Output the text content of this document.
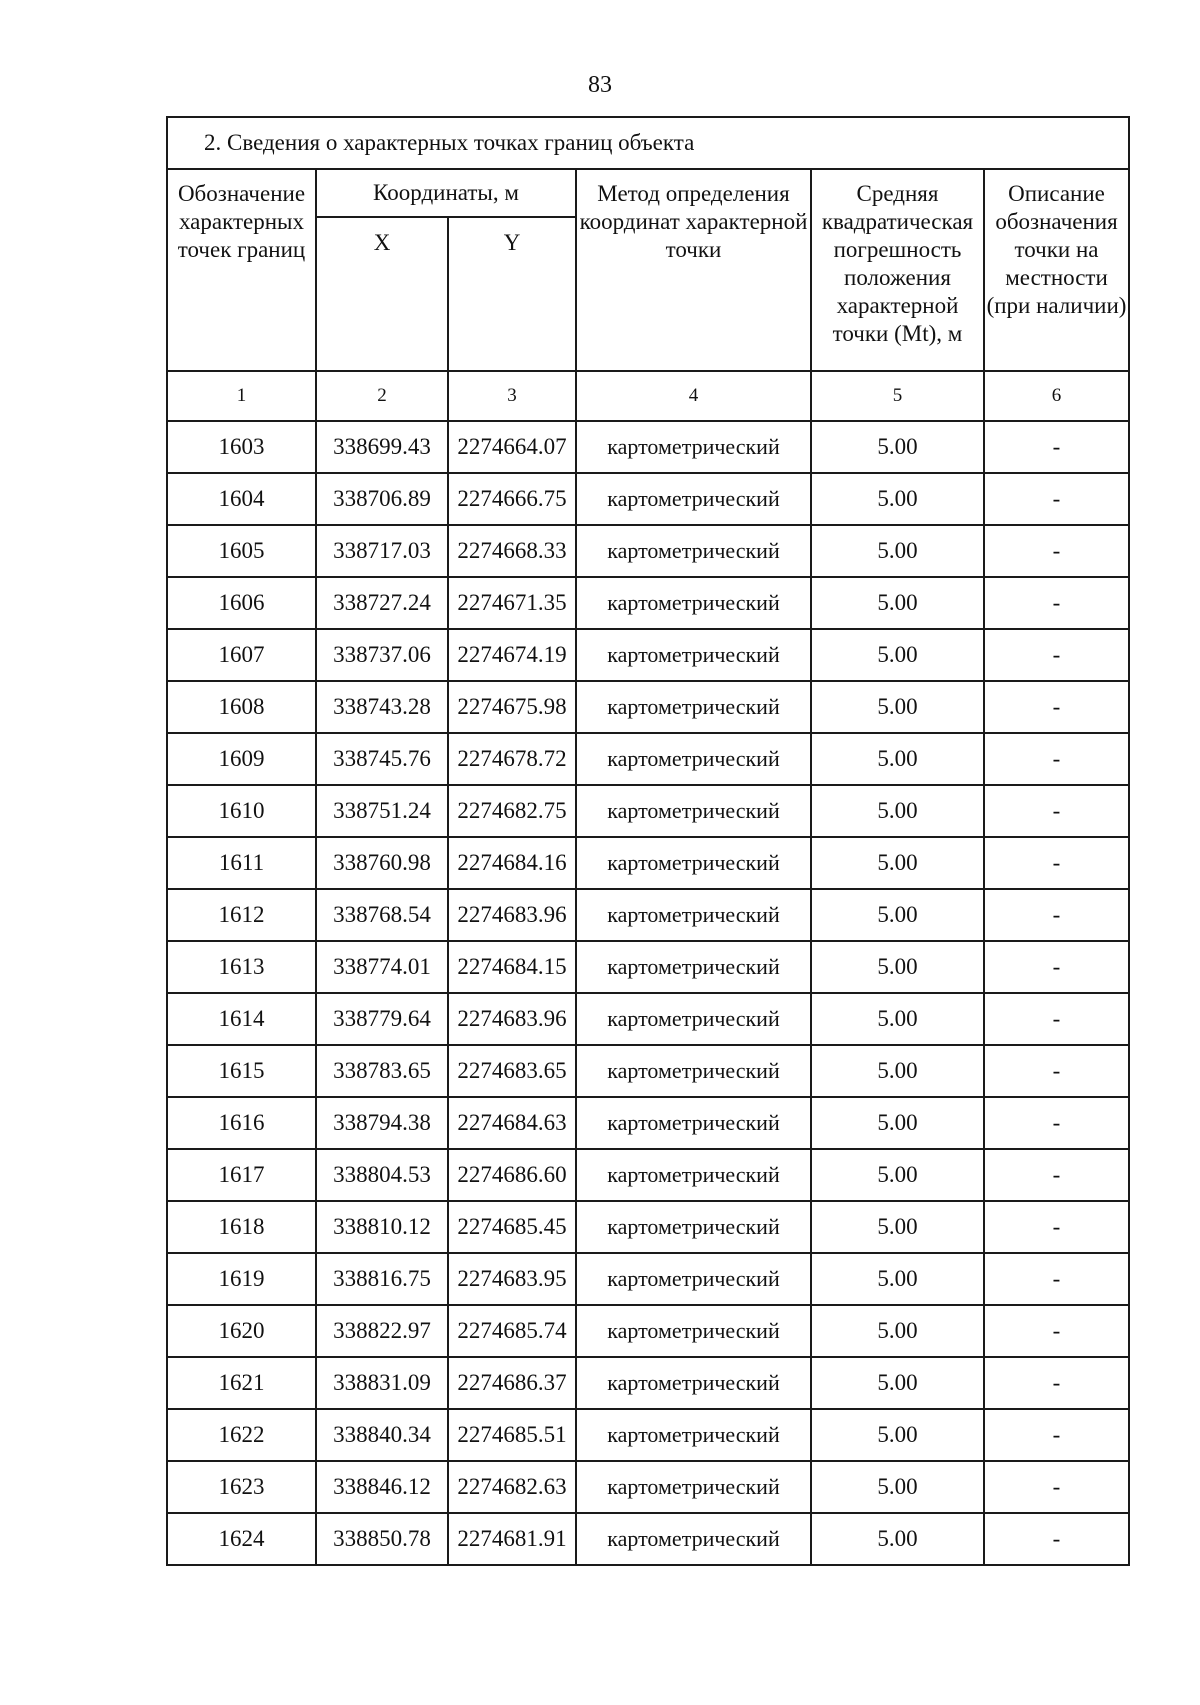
83
2. Сведения о характерных точках границ объекта					
Обозначение характерных точек границ	Координаты, м		Метод определения координат характерной точки	Средняя квадратическая погрешность положения характерной точки (Mt), м	Описание обозначения точки на местности (при наличии)
	X	Y			
1	2	3	4	5	6
1603	338699.43	2274664.07	картометрический	5.00	-
1604	338706.89	2274666.75	картометрический	5.00	-
1605	338717.03	2274668.33	картометрический	5.00	-
1606	338727.24	2274671.35	картометрический	5.00	-
1607	338737.06	2274674.19	картометрический	5.00	-
1608	338743.28	2274675.98	картометрический	5.00	-
1609	338745.76	2274678.72	картометрический	5.00	-
1610	338751.24	2274682.75	картометрический	5.00	-
1611	338760.98	2274684.16	картометрический	5.00	-
1612	338768.54	2274683.96	картометрический	5.00	-
1613	338774.01	2274684.15	картометрический	5.00	-
1614	338779.64	2274683.96	картометрический	5.00	-
1615	338783.65	2274683.65	картометрический	5.00	-
1616	338794.38	2274684.63	картометрический	5.00	-
1617	338804.53	2274686.60	картометрический	5.00	-
1618	338810.12	2274685.45	картометрический	5.00	-
1619	338816.75	2274683.95	картометрический	5.00	-
1620	338822.97	2274685.74	картометрический	5.00	-
1621	338831.09	2274686.37	картометрический	5.00	-
1622	338840.34	2274685.51	картометрический	5.00	-
1623	338846.12	2274682.63	картометрический	5.00	-
1624	338850.78	2274681.91	картометрический	5.00	-
